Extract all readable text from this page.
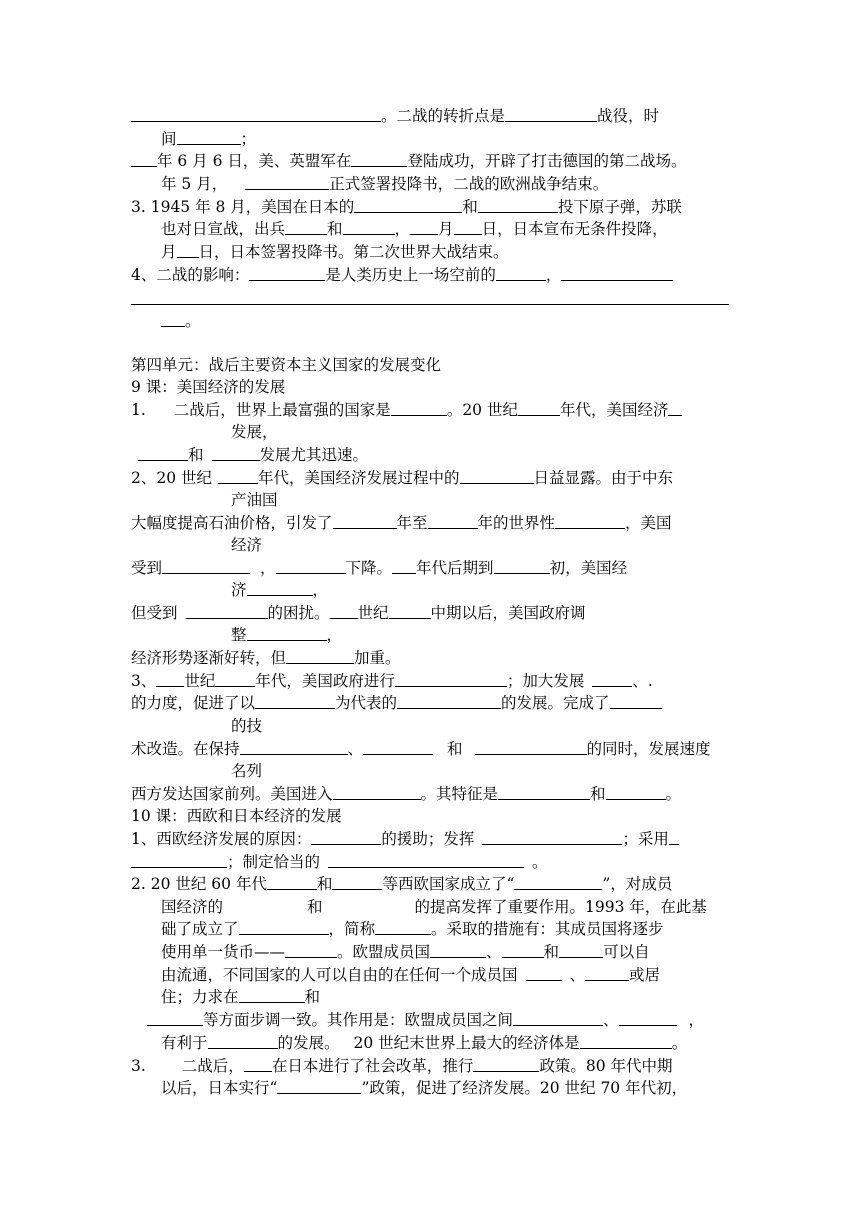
。二战的转折点是	战役，时
间	；
年 6 月 6 日，美、英盟军在	登陆成功，开辟了打击德国的第二战场。
年 5 月，	正式签署投降书，二战的欧洲战争结束。
3. 1945 年 8 月，美国在日本的	和	投下原子弹，苏联
也对日宣战，出兵	和	， 月 日，日本宣布无条件投降，
月 日，日本签署投降书。第二次世界大战结束。
4、二战的影响：	是人类历史上一场空前的	，
。
第四单元：战后主要资本主义国家的发展变化
9 课：美国经济的发展
1. 二战后，世界上最富强的国家是	。20 世纪	年代，美国经济
发展，
和	发展尤其迅速。
2、20 世纪	年代，美国经济发展过程中的	日益显露。由于中东
产油国
大幅度提高石油价格，引发了	年至	年的世界性	，美国
经济
受到	，	下降。 年代后期到	初，美国经
济	，
但受到	的困扰。 世纪	中期以后，美国政府调
整	，
经济形势逐渐好转，但	加重。
3、 世纪	年代，美国政府进行	；加大发展	、.
的力度，促进了以	为代表的	的发展。完成了
的技
术改造。在保持	、	和	的同时，发展速度
名列
西方发达国家前列。美国进入	。其特征是	和	。
10 课：西欧和日本经济的发展
1、西欧经济发展的原因：	的援助；发挥	；采用
；制定恰当的	。
2. 20 世纪 60 年代	和	等西欧国家成立了“	”，对成员
国经济的	和	的提高发挥了重要作用。1993 年，在此基
础了成立了	，简称	。采取的措施有：其成员国将逐步
使用单一货币——	。欧盟成员国	、	和	可以自
由流通，不同国家的人可以自由的在任何一个成员国	、	或居
住；力求在	和
等方面步调一致。其作用是：欧盟成员国之间	、	，
有利于	的发展。 20 世纪末世界上最大的经济体是	。
3. 二战后， 在日本进行了社会改革，推行	政策。80 年代中期
以后，日本实行“	”政策，促进了经济发展。20 世纪 70 年代初，
